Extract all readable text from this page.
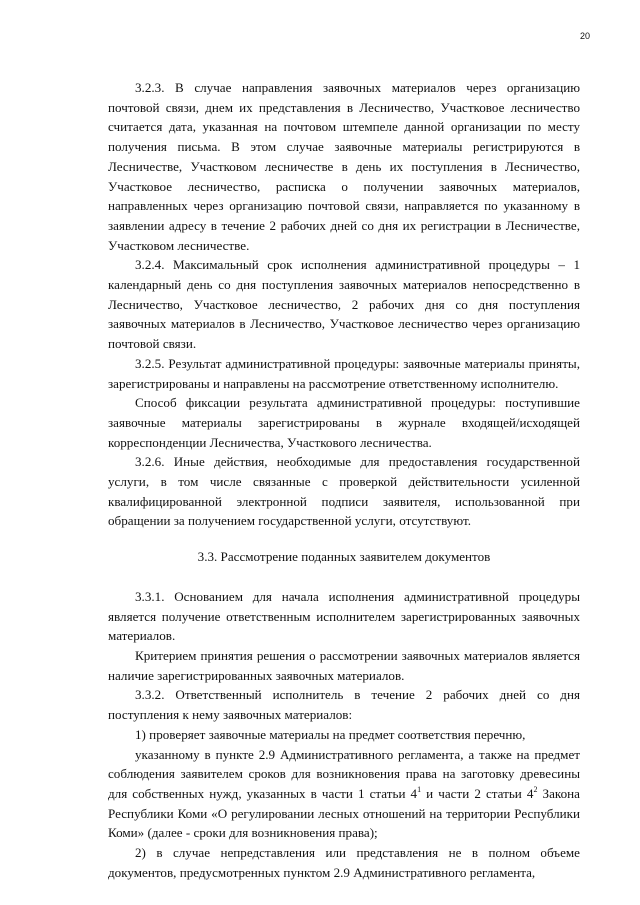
20

3.2.3. В случае направления заявочных материалов через организацию почтовой связи, днем их представления в Лесничество, Участковое лесничество считается дата, указанная на почтовом штемпеле данной организации по месту получения письма. В этом случае заявочные материалы регистрируются в Лесничестве, Участковом лесничестве в день их поступления в Лесничество, Участковое лесничество, расписка о получении заявочных материалов, направленных через организацию почтовой связи, направляется по указанному в заявлении адресу в течение 2 рабочих дней со дня их регистрации в Лесничестве, Участковом лесничестве.

3.2.4. Максимальный срок исполнения административной процедуры – 1 календарный день со дня поступления заявочных материалов непосредственно в Лесничество, Участковое лесничество, 2 рабочих дня со дня поступления заявочных материалов в Лесничество, Участковое лесничество через организацию почтовой связи.

3.2.5. Результат административной процедуры: заявочные материалы приняты, зарегистрированы и направлены на рассмотрение ответственному исполнителю.

Способ фиксации результата административной процедуры: поступившие заявочные материалы зарегистрированы в журнале входящей/исходящей корреспонденции Лесничества, Участкового лесничества.

3.2.6. Иные действия, необходимые для предоставления государственной услуги, в том числе связанные с проверкой действительности усиленной квалифицированной электронной подписи заявителя, использованной при обращении за получением государственной услуги, отсутствуют.

3.3. Рассмотрение поданных заявителем документов

3.3.1. Основанием для начала исполнения административной процедуры является получение ответственным исполнителем зарегистрированных заявочных материалов.

Критерием принятия решения о рассмотрении заявочных материалов является наличие зарегистрированных заявочных материалов.

3.3.2. Ответственный исполнитель в течение 2 рабочих дней со дня поступления к нему заявочных материалов:

1) проверяет заявочные материалы на предмет соответствия перечню,

указанному в пункте 2.9 Административного регламента, а также на предмет соблюдения заявителем сроков для возникновения права на заготовку древесины для собственных нужд, указанных в части 1 статьи $4^1$ и части 2 статьи $4^2$ Закона Республики Коми «О регулировании лесных отношений на территории Республики Коми» (далее - сроки для возникновения права);

2) в случае непредставления или представления не в полном объеме документов, предусмотренных пунктом 2.9 Административного регламента,
